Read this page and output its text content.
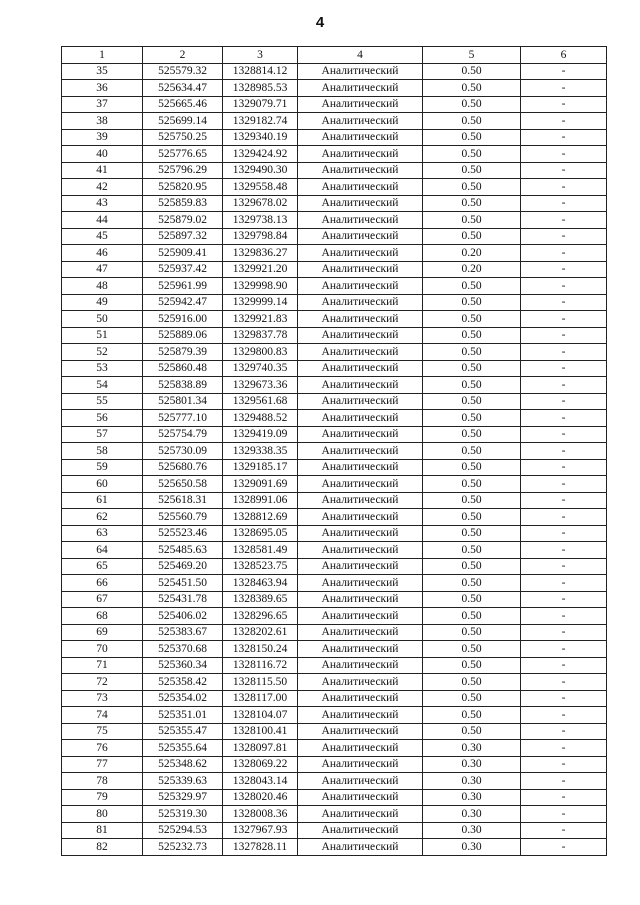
4
1	2	3	4	5	6
35	525579.32	1328814.12	Аналитический	0.50	-
36	525634.47	1328985.53	Аналитический	0.50	-
37	525665.46	1329079.71	Аналитический	0.50	-
38	525699.14	1329182.74	Аналитический	0.50	-
39	525750.25	1329340.19	Аналитический	0.50	-
40	525776.65	1329424.92	Аналитический	0.50	-
41	525796.29	1329490.30	Аналитический	0.50	-
42	525820.95	1329558.48	Аналитический	0.50	-
43	525859.83	1329678.02	Аналитический	0.50	-
44	525879.02	1329738.13	Аналитический	0.50	-
45	525897.32	1329798.84	Аналитический	0.50	-
46	525909.41	1329836.27	Аналитический	0.20	-
47	525937.42	1329921.20	Аналитический	0.20	-
48	525961.99	1329998.90	Аналитический	0.50	-
49	525942.47	1329999.14	Аналитический	0.50	-
50	525916.00	1329921.83	Аналитический	0.50	-
51	525889.06	1329837.78	Аналитический	0.50	-
52	525879.39	1329800.83	Аналитический	0.50	-
53	525860.48	1329740.35	Аналитический	0.50	-
54	525838.89	1329673.36	Аналитический	0.50	-
55	525801.34	1329561.68	Аналитический	0.50	-
56	525777.10	1329488.52	Аналитический	0.50	-
57	525754.79	1329419.09	Аналитический	0.50	-
58	525730.09	1329338.35	Аналитический	0.50	-
59	525680.76	1329185.17	Аналитический	0.50	-
60	525650.58	1329091.69	Аналитический	0.50	-
61	525618.31	1328991.06	Аналитический	0.50	-
62	525560.79	1328812.69	Аналитический	0.50	-
63	525523.46	1328695.05	Аналитический	0.50	-
64	525485.63	1328581.49	Аналитический	0.50	-
65	525469.20	1328523.75	Аналитический	0.50	-
66	525451.50	1328463.94	Аналитический	0.50	-
67	525431.78	1328389.65	Аналитический	0.50	-
68	525406.02	1328296.65	Аналитический	0.50	-
69	525383.67	1328202.61	Аналитический	0.50	-
70	525370.68	1328150.24	Аналитический	0.50	-
71	525360.34	1328116.72	Аналитический	0.50	-
72	525358.42	1328115.50	Аналитический	0.50	-
73	525354.02	1328117.00	Аналитический	0.50	-
74	525351.01	1328104.07	Аналитический	0.50	-
75	525355.47	1328100.41	Аналитический	0.50	-
76	525355.64	1328097.81	Аналитический	0.30	-
77	525348.62	1328069.22	Аналитический	0.30	-
78	525339.63	1328043.14	Аналитический	0.30	-
79	525329.97	1328020.46	Аналитический	0.30	-
80	525319.30	1328008.36	Аналитический	0.30	-
81	525294.53	1327967.93	Аналитический	0.30	-
82	525232.73	1327828.11	Аналитический	0.30	-
